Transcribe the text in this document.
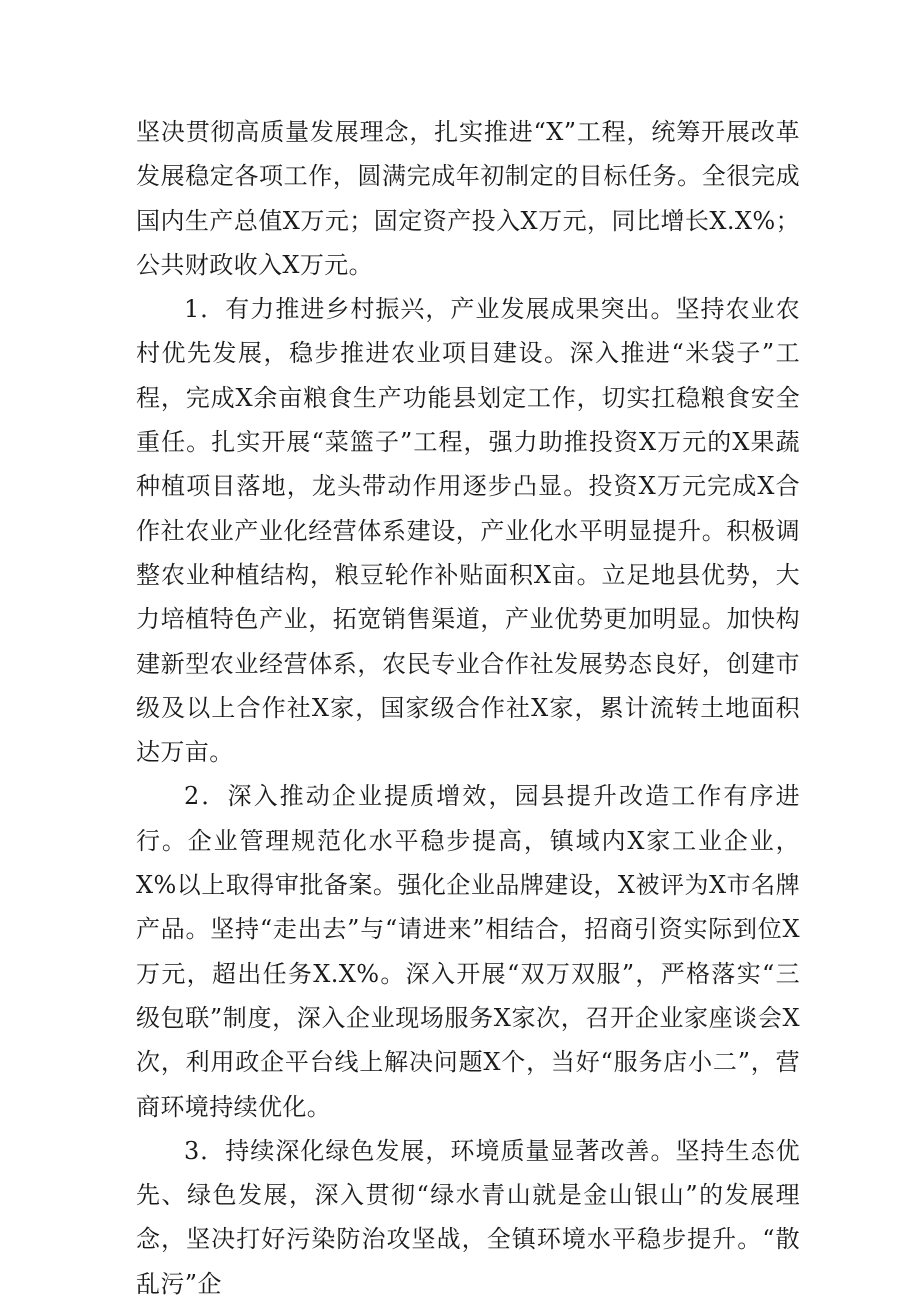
坚决贯彻高质量发展理念，扎实推进“X”工程，统筹开展改革发展稳定各项工作，圆满完成年初制定的目标任务。全很完成国内生产总值X万元；固定资产投入X万元，同比增长X.X%；公共财政收入X万元。

1．有力推进乡村振兴，产业发展成果突出。坚持农业农村优先发展，稳步推进农业项目建设。深入推进“米袋子”工程，完成X余亩粮食生产功能县划定工作，切实扛稳粮食安全重任。扎实开展“菜篮子”工程，强力助推投资X万元的X果蔬种植项目落地，龙头带动作用逐步凸显。投资X万元完成X合作社农业产业化经营体系建设，产业化水平明显提升。积极调整农业种植结构，粮豆轮作补贴面积X亩。立足地县优势，大力培植特色产业，拓宽销售渠道，产业优势更加明显。加快构建新型农业经营体系，农民专业合作社发展势态良好，创建市级及以上合作社X家，国家级合作社X家，累计流转土地面积达万亩。

2．深入推动企业提质增效，园县提升改造工作有序进行。企业管理规范化水平稳步提高，镇域内X家工业企业，X%以上取得审批备案。强化企业品牌建设，X被评为X市名牌产品。坚持“走出去”与“请进来”相结合，招商引资实际到位X万元，超出任务X.X%。深入开展“双万双服”，严格落实“三级包联”制度，深入企业现场服务X家次，召开企业家座谈会X次，利用政企平台线上解决问题X个，当好“服务店小二”，营商环境持续优化。

3．持续深化绿色发展，环境质量显著改善。坚持生态优先、绿色发展，深入贯彻“绿水青山就是金山银山”的发展理念，坚决打好污染防治攻坚战，全镇环境水平稳步提升。“散乱污”企
